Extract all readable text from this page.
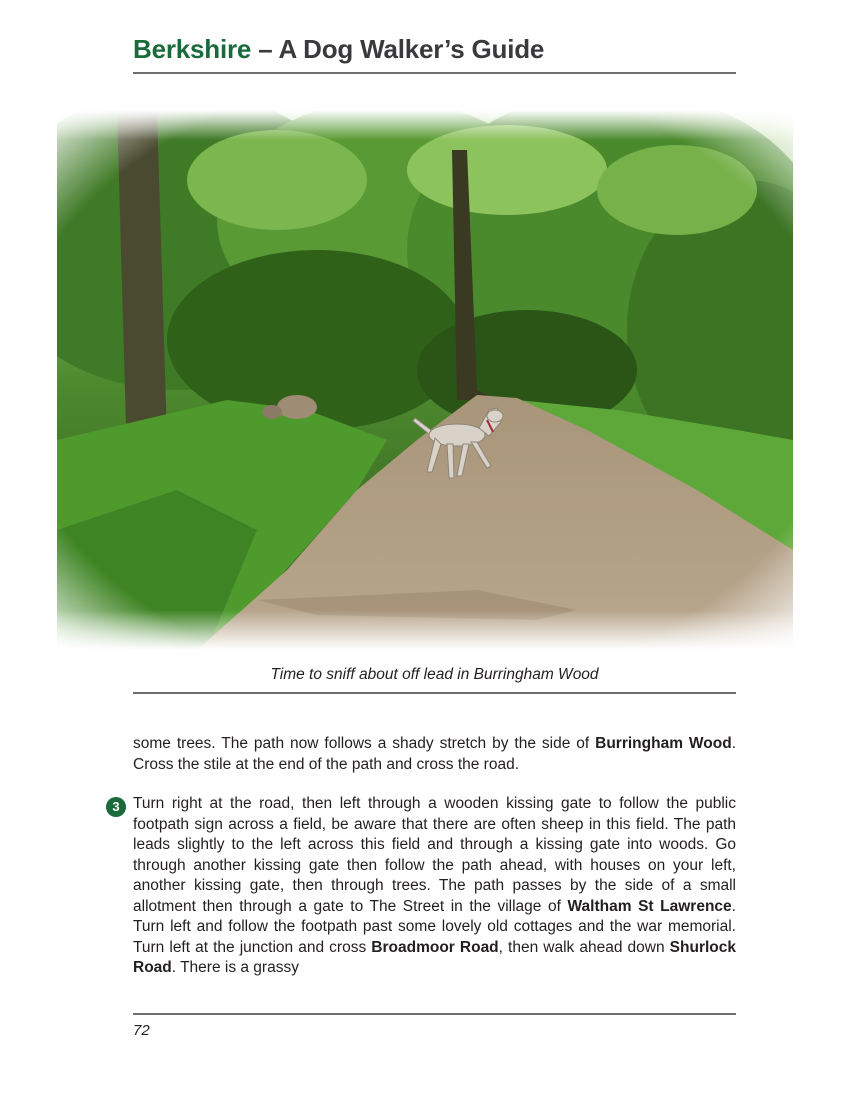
Berkshire – A Dog Walker’s Guide
Time to sniff about off lead in Burringham Wood
some trees. The path now follows a shady stretch by the side of Burringham Wood. Cross the stile at the end of the path and cross the road.
3 Turn right at the road, then left through a wooden kissing gate to follow the public footpath sign across a field, be aware that there are often sheep in this field. The path leads slightly to the left across this field and through a kissing gate into woods. Go through another kissing gate then follow the path ahead, with houses on your left, another kissing gate, then through trees. The path passes by the side of a small allotment then through a gate to The Street in the village of Waltham St Lawrence. Turn left and follow the footpath past some lovely old cottages and the war memorial. Turn left at the junction and cross Broadmoor Road, then walk ahead down Shurlock Road. There is a grassy
72
